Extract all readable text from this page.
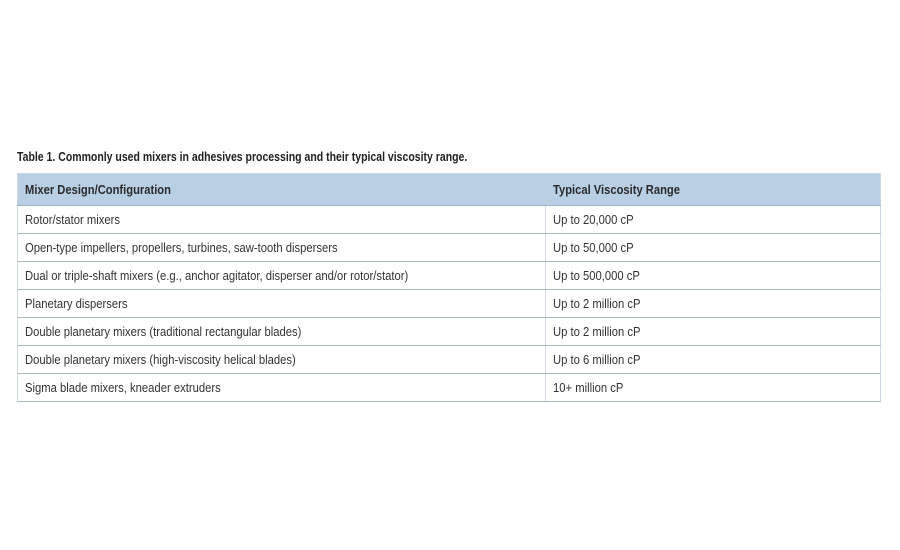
Table 1. Commonly used mixers in adhesives processing and their typical viscosity range.
Mixer Design/Configuration	Typical Viscosity Range
Rotor/stator mixers	Up to 20,000 cP
Open-type impellers, propellers, turbines, saw-tooth dispersers	Up to 50,000 cP
Dual or triple-shaft mixers (e.g., anchor agitator, disperser and/or rotor/stator)	Up to 500,000 cP
Planetary dispersers	Up to 2 million cP
Double planetary mixers (traditional rectangular blades)	Up to 2 million cP
Double planetary mixers (high-viscosity helical blades)	Up to 6 million cP
Sigma blade mixers, kneader extruders	10+ million cP
